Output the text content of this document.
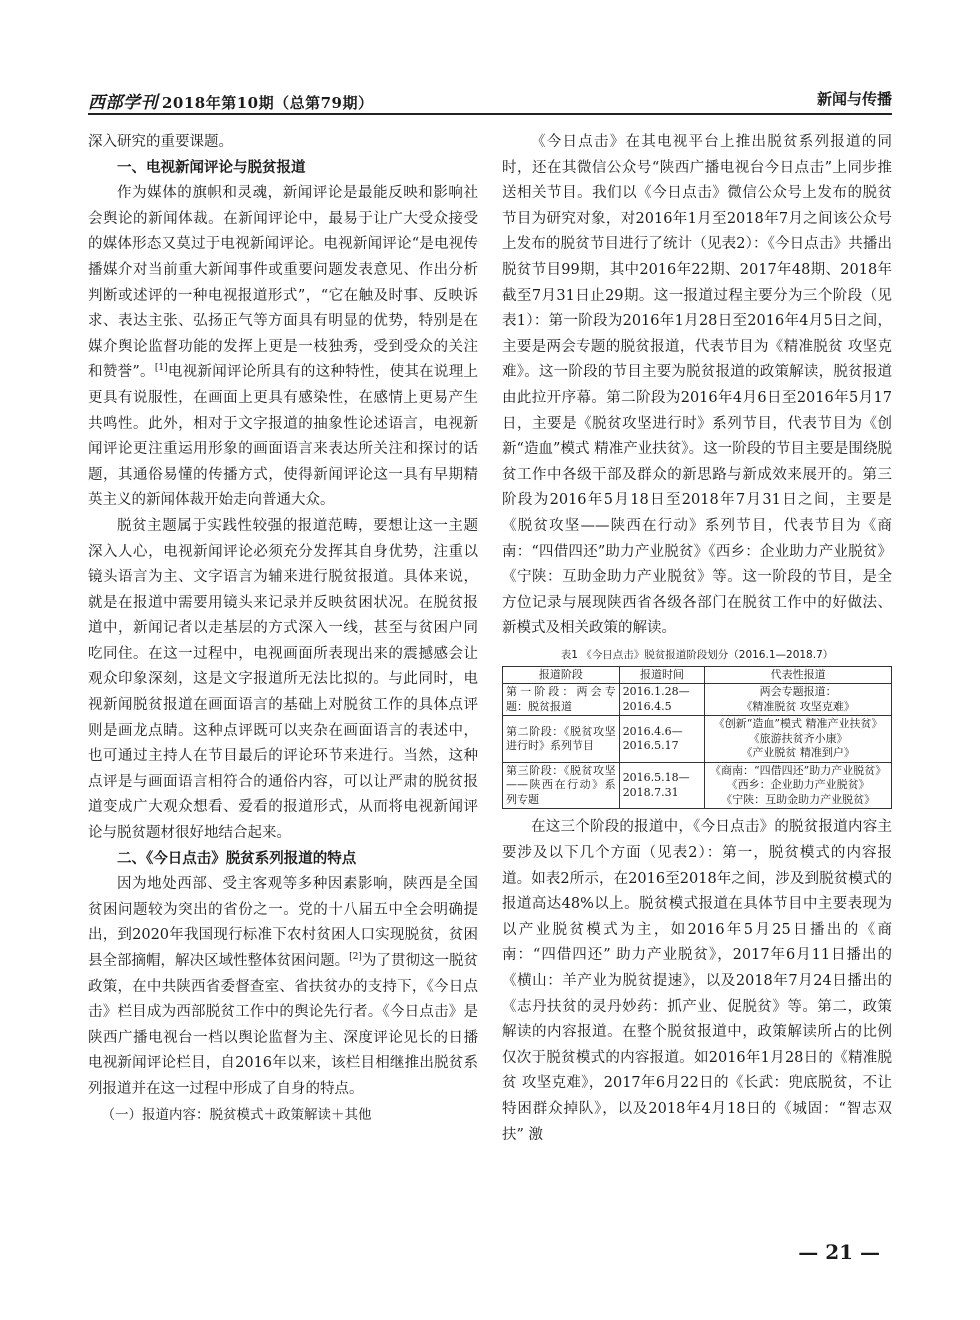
西部学刊 2018年第10期（总第79期）	新闻与传播

深入研究的重要课题。

一、电视新闻评论与脱贫报道

作为媒体的旗帜和灵魂，新闻评论是最能反映和影响社会舆论的新闻体裁。在新闻评论中，最易于让广大受众接受的媒体形态又莫过于电视新闻评论。电视新闻评论“是电视传播媒介对当前重大新闻事件或重要问题发表意见、作出分析判断或述评的一种电视报道形式”，“它在触及时事、反映诉求、表达主张、弘扬正气等方面具有明显的优势，特别是在媒介舆论监督功能的发挥上更是一枝独秀，受到受众的关注和赞誉”。[1]电视新闻评论所具有的这种特性，使其在说理上更具有说服性，在画面上更具有感染性，在感情上更易产生共鸣性。此外，相对于文字报道的抽象性论述语言，电视新闻评论更注重运用形象的画面语言来表达所关注和探讨的话题，其通俗易懂的传播方式，使得新闻评论这一具有早期精英主义的新闻体裁开始走向普通大众。

脱贫主题属于实践性较强的报道范畴，要想让这一主题深入人心，电视新闻评论必须充分发挥其自身优势，注重以镜头语言为主、文字语言为辅来进行脱贫报道。具体来说，就是在报道中需要用镜头来记录并反映贫困状况。在脱贫报道中，新闻记者以走基层的方式深入一线，甚至与贫困户同吃同住。在这一过程中，电视画面所表现出来的震撼感会让观众印象深刻，这是文字报道所无法比拟的。与此同时，电视新闻脱贫报道在画面语言的基础上对脱贫工作的具体点评则是画龙点睛。这种点评既可以夹杂在画面语言的表述中，也可通过主持人在节目最后的评论环节来进行。当然，这种点评是与画面语言相符合的通俗内容，可以让严肃的脱贫报道变成广大观众想看、爱看的报道形式，从而将电视新闻评论与脱贫题材很好地结合起来。

二、《今日点击》脱贫系列报道的特点

因为地处西部、受主客观等多种因素影响，陕西是全国贫困问题较为突出的省份之一。党的十八届五中全会明确提出，到2020年我国现行标准下农村贫困人口实现脱贫，贫困县全部摘帽，解决区域性整体贫困问题。[2]为了贯彻这一脱贫政策，在中共陕西省委督查室、省扶贫办的支持下，《今日点击》栏目成为西部脱贫工作中的舆论先行者。《今日点击》是陕西广播电视台一档以舆论监督为主、深度评论见长的日播电视新闻评论栏目，自2016年以来，该栏目相继推出脱贫系列报道并在这一过程中形成了自身的特点。

（一）报道内容：脱贫模式＋政策解读＋其他

《今日点击》在其电视平台上推出脱贫系列报道的同时，还在其微信公众号“陕西广播电视台今日点击”上同步推送相关节目。我们以《今日点击》微信公众号上发布的脱贫节目为研究对象，对2016年1月至2018年7月之间该公众号上发布的脱贫节目进行了统计（见表2）：《今日点击》共播出脱贫节目99期，其中2016年22期、2017年48期、2018年截至7月31日止29期。这一报道过程主要分为三个阶段（见表1）：第一阶段为2016年1月28日至2016年4月5日之间，主要是两会专题的脱贫报道，代表节目为《精准脱贫 攻坚克难》。这一阶段的节目主要为脱贫报道的政策解读，脱贫报道由此拉开序幕。第二阶段为2016年4月6日至2016年5月17日，主要是《脱贫攻坚进行时》系列节目，代表节目为《创新“造血”模式 精准产业扶贫》。这一阶段的节目主要是围绕脱贫工作中各级干部及群众的新思路与新成效来展开的。第三阶段为2016年5月18日至2018年7月31日之间，主要是《脱贫攻坚——陕西在行动》系列节目，代表节目为《商南：“四借四还”助力产业脱贫》《西乡：企业助力产业脱贫》《宁陕：互助金助力产业脱贫》等。这一阶段的节目，是全方位记录与展现陕西省各级各部门在脱贫工作中的好做法、新模式及相关政策的解读。

表1 《今日点击》脱贫报道阶段划分（2016.1—2018.7）
报道阶段	报道时间	代表性报道
第一阶段：两会专题：脱贫报道	2016.1.28—2016.4.5	两会专题报道：
《精准脱贫 攻坚克难》

第二阶段：《脱贫攻坚进行时》系列节目	2016.4.6—2016.5.17	《创新“造血”模式 精准产业扶贫》
《旅游扶贫齐小康》
《产业脱贫 精准到户》

第三阶段：《脱贫攻坚——陕西在行动》系列专题	2016.5.18—2018.7.31	《商南：“四借四还”助力产业脱贫》
《西乡：企业助力产业脱贫》
《宁陕：互助金助力产业脱贫》

在这三个阶段的报道中，《今日点击》的脱贫报道内容主要涉及以下几个方面（见表2）：第一，脱贫模式的内容报道。如表2所示，在2016至2018年之间，涉及到脱贫模式的报道高达48%以上。脱贫模式报道在具体节目中主要表现为以产业脱贫模式为主，如2016年5月25日播出的《商南：“四借四还” 助力产业脱贫》，2017年6月11日播出的《横山：羊产业为脱贫提速》，以及2018年7月24日播出的《志丹扶贫的灵丹妙药：抓产业、促脱贫》等。第二，政策解读的内容报道。在整个脱贫报道中，政策解读所占的比例仅次于脱贫模式的内容报道。如2016年1月28日的《精准脱贫 攻坚克难》，2017年6月22日的《长武：兜底脱贫，不让特困群众掉队》，以及2018年4月18日的《城固：“智志双扶” 激

— 21 —
